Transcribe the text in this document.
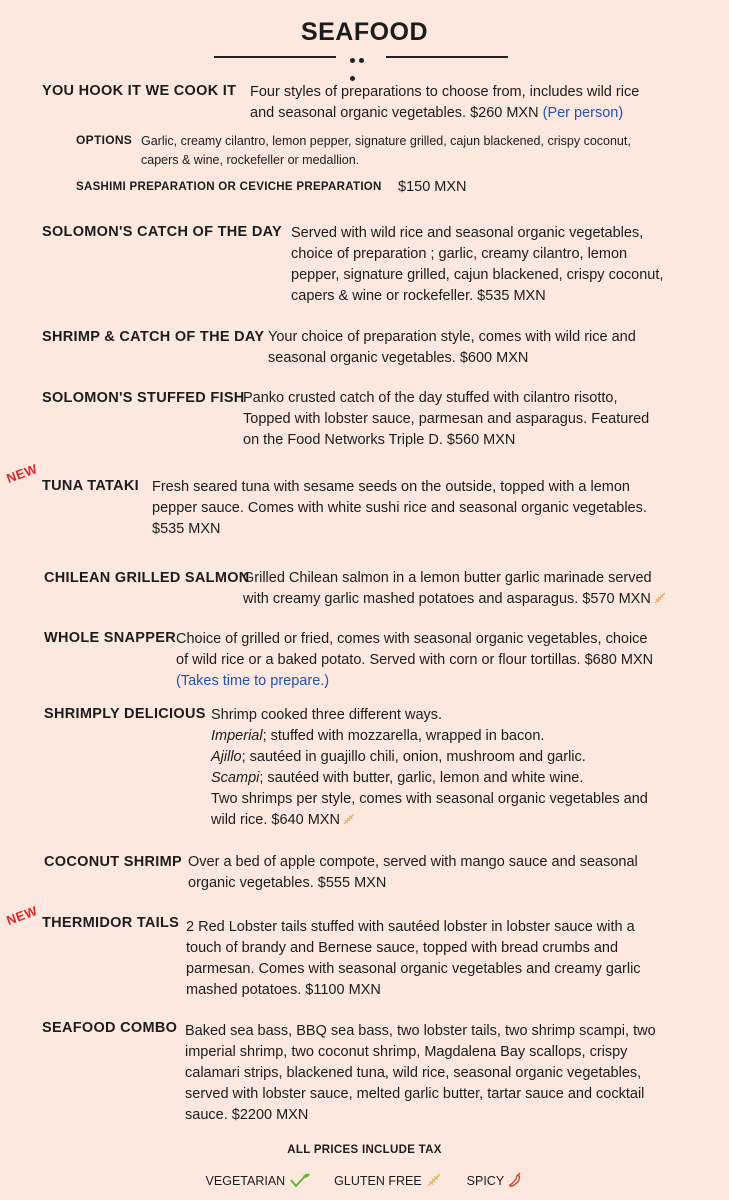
SEAFOOD
YOU HOOK IT WE COOK IT Four styles of preparations to choose from, includes wild rice

and seasonal organic vegetables. $260 MXN (Per person)

OPTIONS Garlic, creamy cilantro, lemon pepper, signature grilled, cajun blackened, crispy coconut,
capers & wine, rockefeller or medallion.
SASHIMI PREPARATION OR CEVICHE PREPARATION $150 MXN
SOLOMON'S CATCH OF THE DAY Served with wild rice and seasonal organic vegetables,

choice of preparation ; garlic, creamy cilantro, lemon

pepper, signature grilled, cajun blackened, crispy coconut,

capers & wine or rockefeller. $535 MXN

SHRIMP & CATCH OF THE DAY Your choice of preparation style, comes with wild rice and

seasonal organic vegetables. $600 MXN

SOLOMON'S STUFFED FISH

Panko crusted catch of the day stuffed with cilantro risotto,

Topped with lobster sauce, parmesan and asparagus. Featured

on the Food Networks Triple D. $560 MXN

NEW
TUNA TATAKI Fresh seared tuna with sesame seeds on the outside, topped with a lemon

pepper sauce. Comes with white sushi rice and seasonal organic vegetables.

$535 MXN

CHILEAN GRILLED SALMON

Grilled Chilean salmon in a lemon butter garlic marinade served

with creamy garlic mashed potatoes and asparagus. $570 MXN

WHOLE SNAPPER Choice of grilled or fried, comes with seasonal organic vegetables, choice

of wild rice or a baked potato. Served with corn or flour tortillas. $680 MXN

(Takes time to prepare.)

SHRIMPLY DELICIOUS Shrimp cooked three different ways.

Imperial; stuffed with mozzarella, wrapped in bacon.

Ajillo; sautéed in guajillo chili, onion, mushroom and garlic.

Scampi; sautéed with butter, garlic, lemon and white wine.

Two shrimps per style, comes with seasonal organic vegetables and

wild rice. $640 MXN

COCONUT SHRIMP Over a bed of apple compote, served with mango sauce and seasonal

organic vegetables. $555 MXN

NEW THERMIDOR TAILS 2 Red Lobster tails stuffed with sautéed lobster in lobster sauce with a

touch of brandy and Bernese sauce, topped with bread crumbs and

parmesan. Comes with seasonal organic vegetables and creamy garlic

mashed potatoes. $1100 MXN

SEAFOOD COMBO Baked sea bass, BBQ sea bass, two lobster tails, two shrimp scampi, two

imperial shrimp, two coconut shrimp, Magdalena Bay scallops, crispy

calamari strips, blackened tuna, wild rice, seasonal organic vegetables,

served with lobster sauce, melted garlic butter, tartar sauce and cocktail

sauce. $2200 MXN

ALL PRICES INCLUDE TAX
VEGETARIAN	GLUTEN FREE	SPICY
